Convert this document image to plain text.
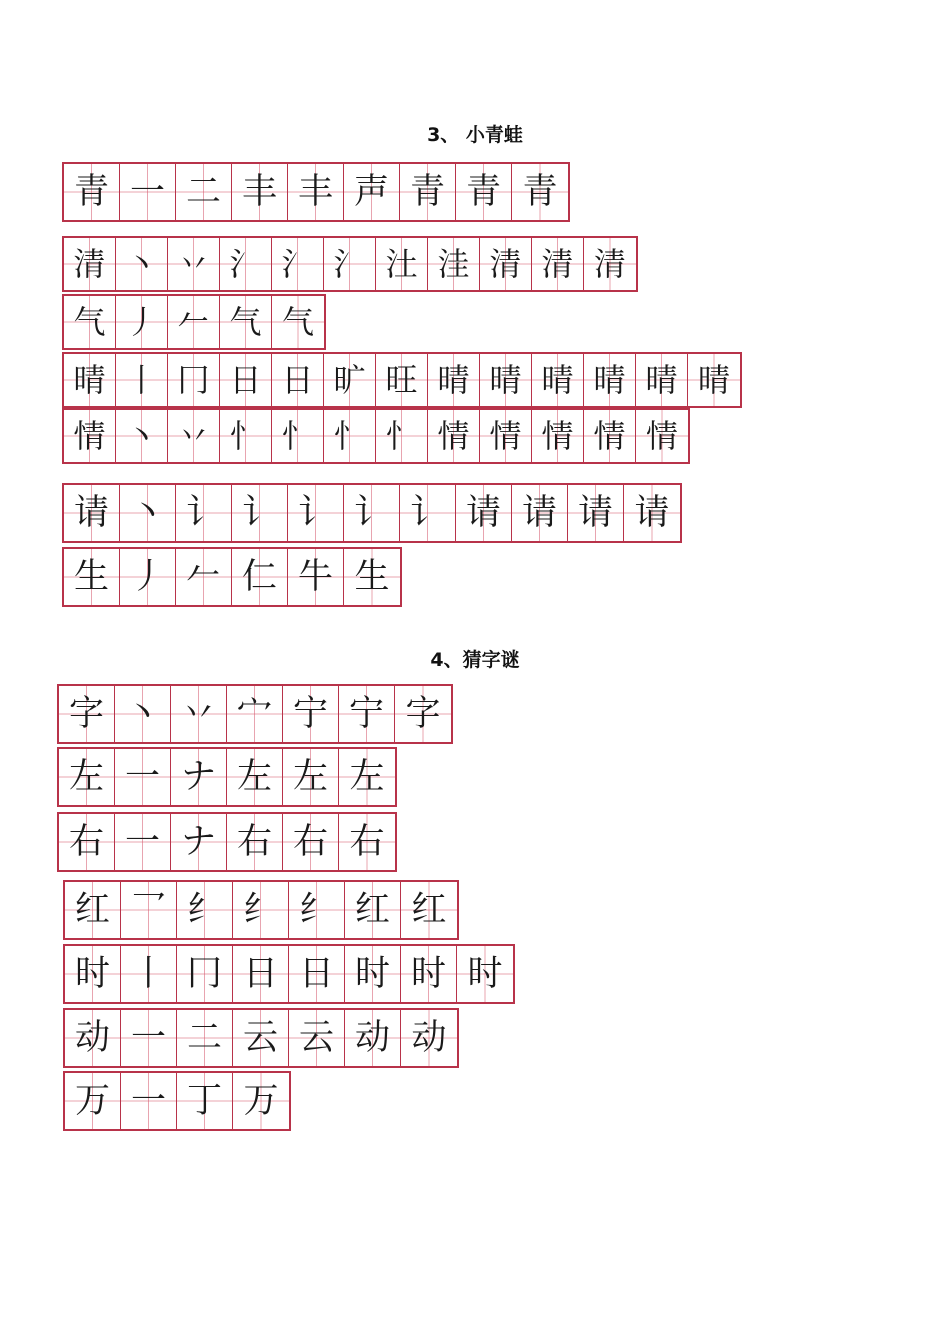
3、 小青蛙
4、猜字谜
青 一 二 丰 丰 声 青 青 青
清 丶 丷 氵 氵 氵 汢 洼 清 清 清
气 丿 𠂉 气 气
晴 丨 冂 日 日 旷 旺 晴 晴 晴 晴 晴 晴
情 丶 丷 忄 忄 忄 忄 情 情 情 情 情
请 丶 讠 讠 讠 讠 讠 请 请 请 请
生 丿 𠂉 仁 牛 生
字 丶 丷 宀 宁 宁 字
左 一 ナ 左 左 左
右 一 ナ 右 右 右
红 乛 纟 纟 纟 红 红
时 丨 冂 日 日 时 时 时
动 一 二 云 云 动 动
万 一 丁 万
